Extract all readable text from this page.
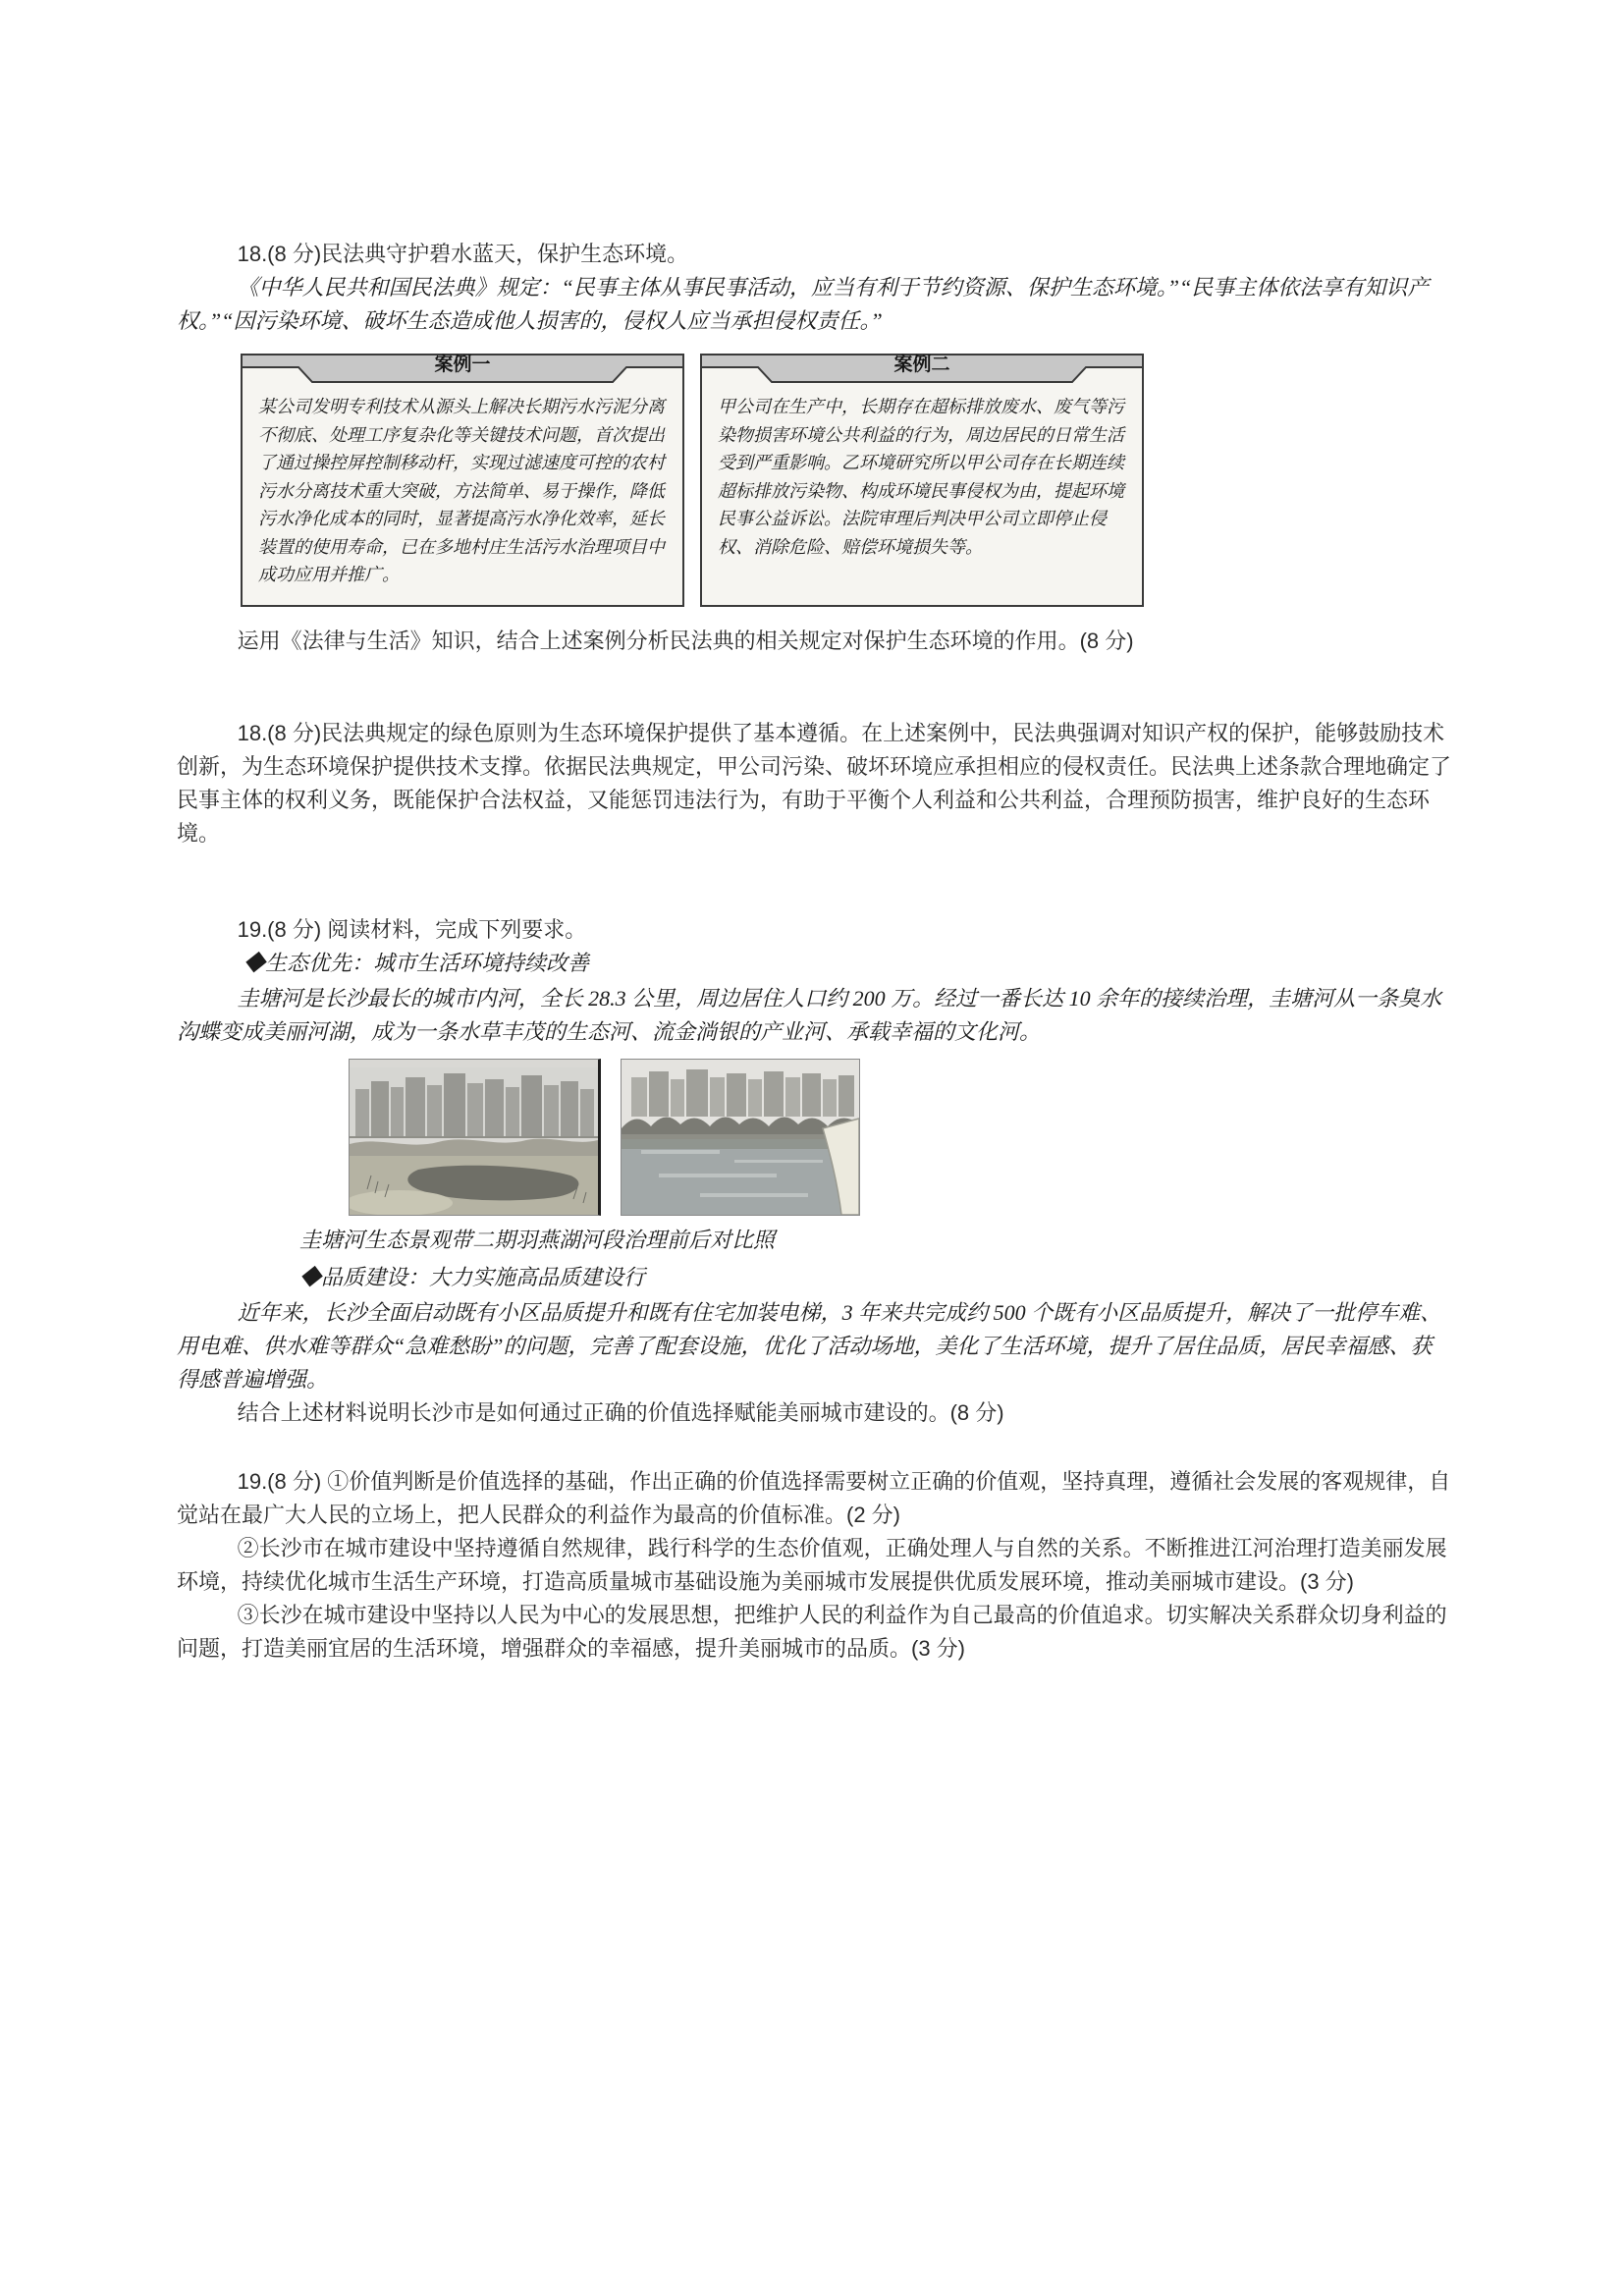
18.(8 分)民法典守护碧水蓝天，保护生态环境。

《中华人民共和国民法典》规定：“民事主体从事民事活动，应当有利于节约资源、保护生态环境。”“民事主体依法享有知识产权。”“因污染环境、破坏生态造成他人损害的，侵权人应当承担侵权责任。”

案例一

某公司发明专利技术从源头上解决长期污水污泥分离不彻底、处理工序复杂化等关键技术问题，首次提出了通过操控屏控制移动杆，实现过滤速度可控的农村污水分离技术重大突破，方法简单、易于操作，降低污水净化成本的同时，显著提高污水净化效率，延长装置的使用寿命，已在多地村庄生活污水治理项目中成功应用并推广。

案例二

甲公司在生产中，长期存在超标排放废水、废气等污染物损害环境公共利益的行为，周边居民的日常生活受到严重影响。乙环境研究所以甲公司存在长期连续超标排放污染物、构成环境民事侵权为由，提起环境民事公益诉讼。法院审理后判决甲公司立即停止侵权、消除危险、赔偿环境损失等。

运用《法律与生活》知识，结合上述案例分析民法典的相关规定对保护生态环境的作用。(8 分)

18.(8 分)民法典规定的绿色原则为生态环境保护提供了基本遵循。在上述案例中，民法典强调对知识产权的保护，能够鼓励技术创新，为生态环境保护提供技术支撑。依据民法典规定，甲公司污染、破坏环境应承担相应的侵权责任。民法典上述条款合理地确定了民事主体的权利义务，既能保护合法权益，又能惩罚违法行为，有助于平衡个人利益和公共利益，合理预防损害，维护良好的生态环境。

19.(8 分) 阅读材料，完成下列要求。

◆生态优先：城市生活环境持续改善

圭塘河是长沙最长的城市内河，全长 28.3 公里，周边居住人口约 200 万。经过一番长达 10 余年的接续治理，圭塘河从一条臭水沟蝶变成美丽河湖，成为一条水草丰茂的生态河、流金淌银的产业河、承载幸福的文化河。

圭塘河生态景观带二期羽燕湖河段治理前后对比照

◆品质建设：大力实施高品质建设行

近年来，长沙全面启动既有小区品质提升和既有住宅加装电梯，3 年来共完成约 500 个既有小区品质提升，解决了一批停车难、用电难、供水难等群众“急难愁盼”的问题，完善了配套设施，优化了活动场地，美化了生活环境，提升了居住品质，居民幸福感、获得感普遍增强。

结合上述材料说明长沙市是如何通过正确的价值选择赋能美丽城市建设的。(8 分)

19.(8 分) ①价值判断是价值选择的基础，作出正确的价值选择需要树立正确的价值观，坚持真理，遵循社会发展的客观规律，自觉站在最广大人民的立场上，把人民群众的利益作为最高的价值标准。(2 分)

②长沙市在城市建设中坚持遵循自然规律，践行科学的生态价值观，正确处理人与自然的关系。不断推进江河治理打造美丽发展环境，持续优化城市生活生产环境，打造高质量城市基础设施为美丽城市发展提供优质发展环境，推动美丽城市建设。(3 分)

③长沙在城市建设中坚持以人民为中心的发展思想，把维护人民的利益作为自己最高的价值追求。切实解决关系群众切身利益的问题，打造美丽宜居的生活环境，增强群众的幸福感，提升美丽城市的品质。(3 分)
